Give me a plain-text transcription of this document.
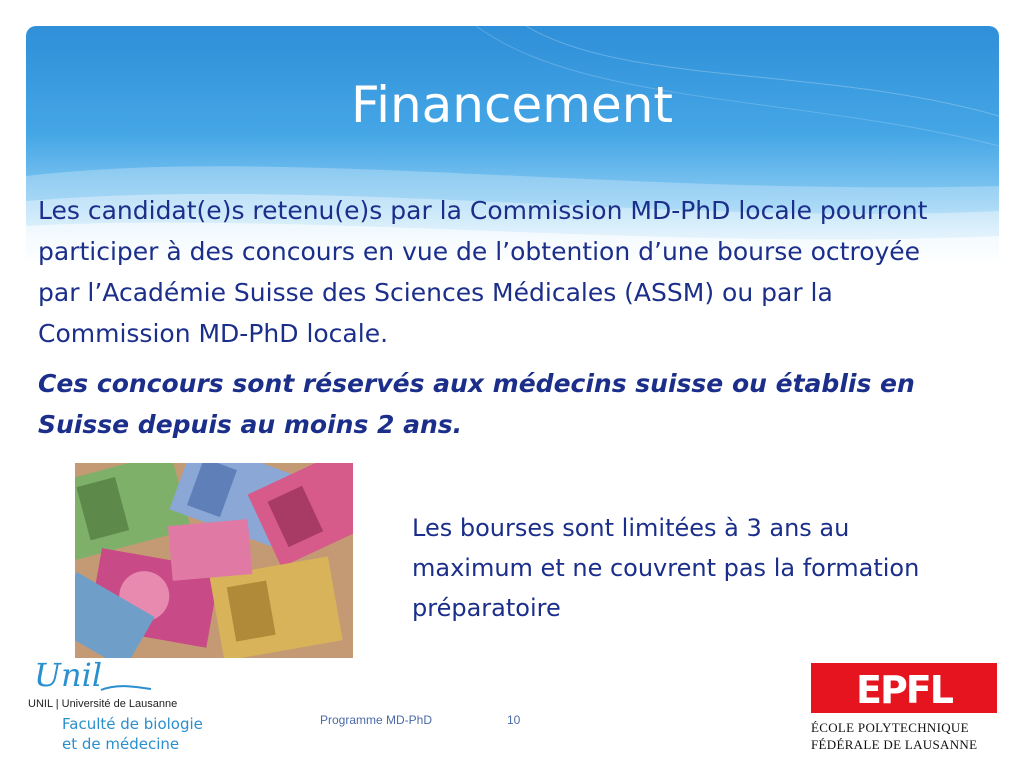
Financement

Les candidat(e)s retenu(e)s par la Commission MD-PhD locale pourront participer à des concours en vue de l’obtention d’une bourse octroyée par l’Académie Suisse des Sciences Médicales (ASSM) ou par la Commission MD-PhD locale.

Ces concours sont réservés aux médecins suisse ou établis en Suisse depuis au moins 2 ans.

Les bourses sont limitées à 3 ans au maximum et ne couvrent pas la formation préparatoire
Unil
UNIL | Université de Lausanne
Faculté de biologie
et de médecine
Programme MD-PhD	10
EPFL
ÉCOLE POLYTECHNIQUE
FÉDÉRALE DE LAUSANNE
